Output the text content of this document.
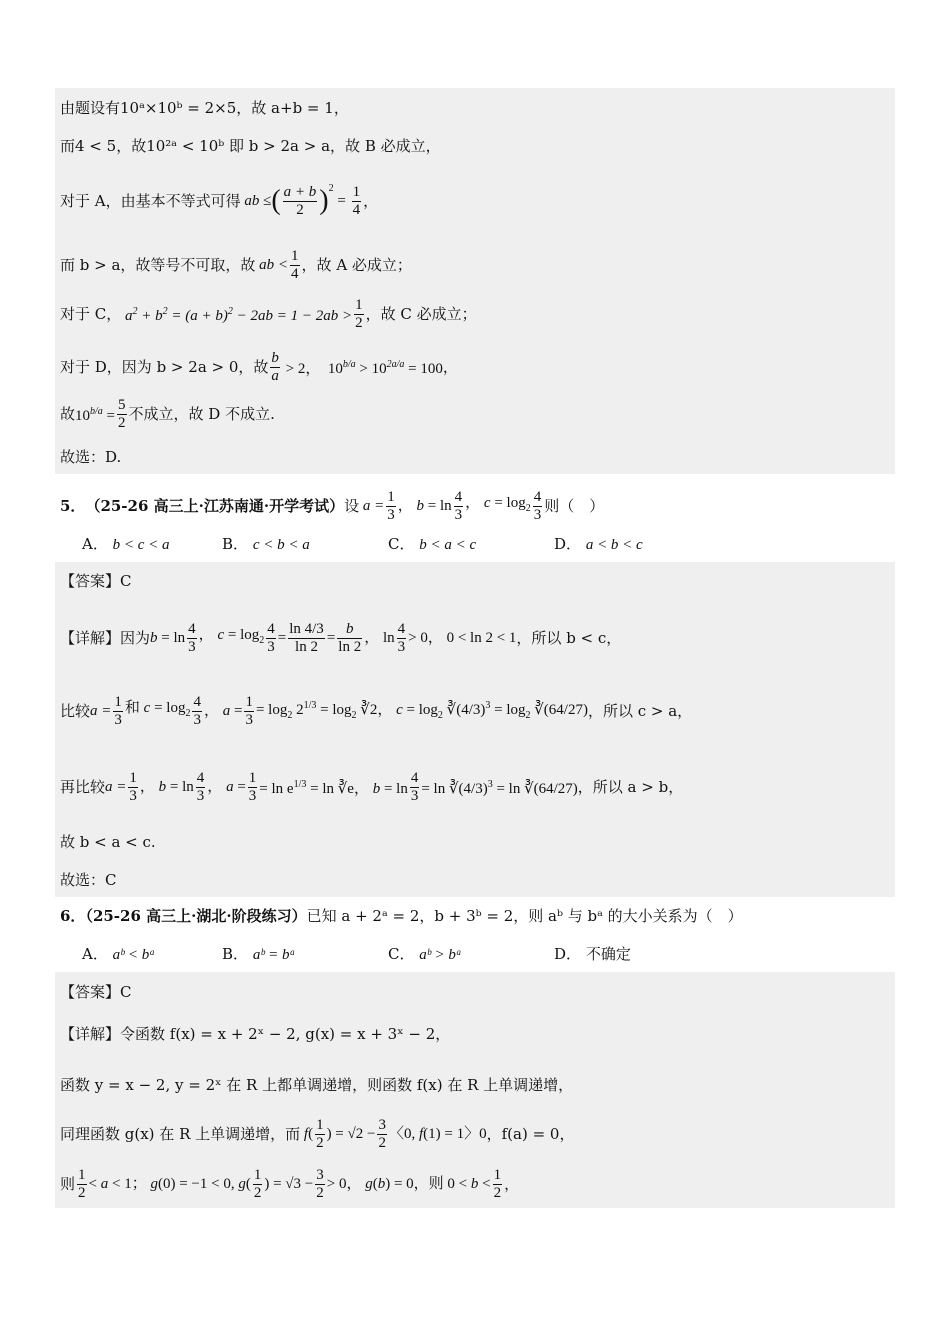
由题设有10ᵃ×10ᵇ = 2×5，故 a+b = 1，
而4 < 5，故10²ᵃ < 10ᵇ 即 b > 2a > a，故 B 必成立，
对于 A，由基本不等式可得 ab ≤ ( $\frac{a + b}{2} )^2$
= $\frac{1}{4}$ ，
而 b > a，故等号不可取，故 ab < $\frac{1}{4}$ ，故 A 必成立；
对于 C， $a^2 + b^2 = (a + b)^2 - 2ab = 1 - 2ab > \frac{1}{2}$ ，故 C 必成立；
对于 D，因为 b > 2a > 0，故 $\frac{b}{a} > 2$，  $10^{b/a} > 10^{2a/a} = 100$ ，
故 $10^{b/a} = \frac{5}{2}$ 不成立，故 D 不成立.
故选：D.
5． （25-26 高三上·江苏南通·开学考试） 设 $a = \frac{1}{3}$ ， $b = \ln \frac{4}{3}$ ， $c = \log_2 \frac{4}{3}$ 则（　）
A． b < c < a	B． c < b < a	C． b < a < c	D． a < b < c
【答案】C
【详解】 因为 $b = \ln \frac{4}{3}$ ， $c = \log_2 \frac{4}{3} = \frac{\ln 4/3}{\ln 2} = \frac{b}{\ln 2}$ ， $\ln \frac{4}{3} > 0$， 0 < ln 2 < 1 ，所以 b < c，
比较 $a = \frac{1}{3}$ 和 $c = \log_2 \frac{4}{3}$ ， $a = \frac{1}{3} = \log_2 2^{1/3} = \log_2$ ∛2， $c = \log_2$ $∛(4/3)^3 = \log_2$ ∛(64/27) ，所以 c > a，
再比较 $a = \frac{1}{3}$ ， $b = \ln \frac{4}{3}$ ， $a = \frac{1}{3} = \ln e^{1/3} = \ln$ ∛e， $b = \ln \frac{4}{3} = \ln$ $∛(4/3)^3 = \ln$ ∛(64/27) ，所以 a > b，
故 b < a < c.
故选：C
6．（25-26 高三上·湖北·阶段练习）已知 a + 2ᵃ = 2，b + 3ᵇ = 2，则 aᵇ 与 bᵃ 的大小关系为（　）
A． aᵇ < bᵃ	B． aᵇ = bᵃ	C． aᵇ > bᵃ	D． 不确定
【答案】C
【详解】令函数 f(x) = x + 2ˣ − 2, g(x) = x + 3ˣ − 2，
函数 y = x − 2, y = 2ˣ 在 R 上都单调递增，则函数 f(x) 在 R 上单调递增，
同理函数 g(x) 在 R 上单调递增，而 $f( \frac{1}{2}$ ) = $√2 - \frac{3}{2}$ 〈0, f(1) = 1〉0 ，f(a) = 0，
则 $\frac{1}{2} < a < 1$； g(0) = −1 < 0, $g( \frac{1}{2}$ ) = $√3 - \frac{3}{2} > 0$， g(b) = 0，则 $0 < b < \frac{1}{2}$ ，
